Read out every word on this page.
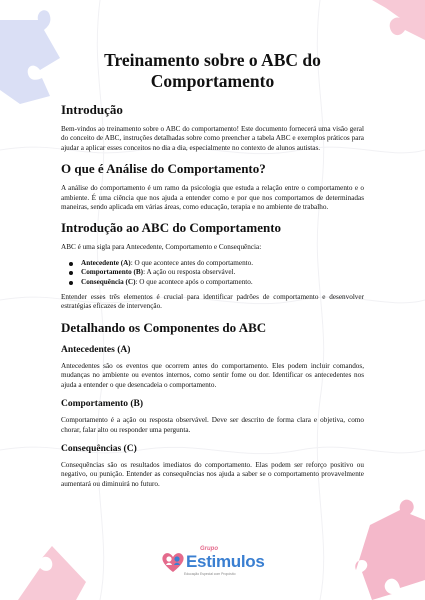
Treinamento sobre o ABC do Comportamento
Introdução

Bem-vindos ao treinamento sobre o ABC do comportamento! Este documento fornecerá uma visão geral do conceito de ABC, instruções detalhadas sobre como preencher a tabela ABC e exemplos práticos para ajudar a aplicar esses conceitos no dia a dia, especialmente no contexto de alunos autistas.

O que é Análise do Comportamento?

A análise do comportamento é um ramo da psicologia que estuda a relação entre o comportamento e o ambiente. É uma ciência que nos ajuda a entender como e por que nos comportamos de determinadas maneiras, sendo aplicada em várias áreas, como educação, terapia e no ambiente de trabalho.

Introdução ao ABC do Comportamento

ABC é uma sigla para Antecedente, Comportamento e Consequência:

Antecedente (A): O que acontece antes do comportamento.
Comportamento (B): A ação ou resposta observável.
Consequência (C): O que acontece após o comportamento.

Entender esses três elementos é crucial para identificar padrões de comportamento e desenvolver estratégias eficazes de intervenção.

Detalhando os Componentes do ABC
Antecedentes (A)

Antecedentes são os eventos que ocorrem antes do comportamento. Eles podem incluir comandos, mudanças no ambiente ou eventos internos, como sentir fome ou dor. Identificar os antecedentes nos ajuda a entender o que desencadeia o comportamento.

Comportamento (B)

Comportamento é a ação ou resposta observável. Deve ser descrito de forma clara e objetiva, como chorar, falar alto ou responder uma pergunta.

Consequências (C)

Consequências são os resultados imediatos do comportamento. Elas podem ser reforço positivo ou negativo, ou punição. Entender as consequências nos ajuda a saber se o comportamento provavelmente aumentará ou diminuirá no futuro.

Grupo
Estimulos
Educação Especial com Propósito
